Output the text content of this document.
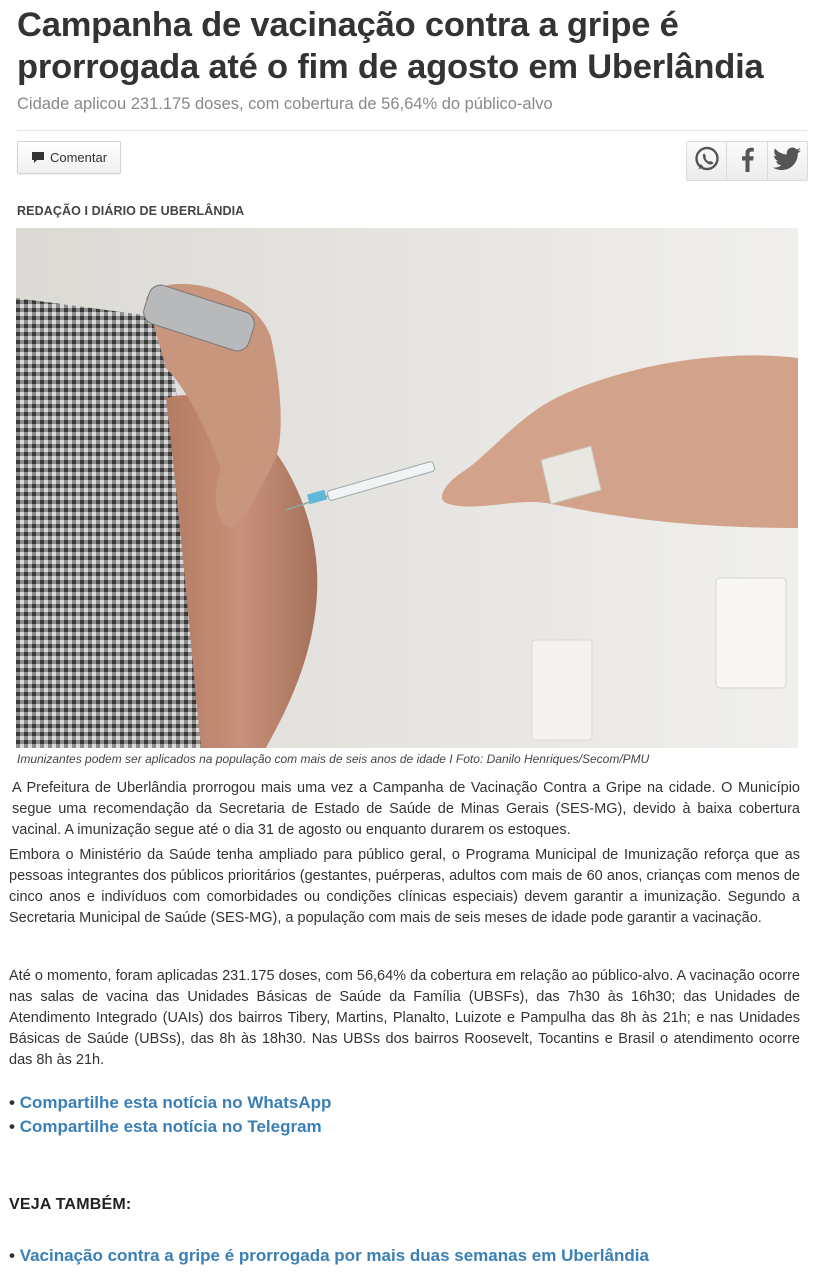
Campanha de vacinação contra a gripe é prorrogada até o fim de agosto em Uberlândia

Cidade aplicou 231.175 doses, com cobertura de 56,64% do público-alvo

Comentar

REDAÇÃO I DIÁRIO DE UBERLÂNDIA

Imunizantes podem ser aplicados na população com mais de seis anos de idade I Foto: Danilo Henriques/Secom/PMU

A Prefeitura de Uberlândia prorrogou mais uma vez a Campanha de Vacinação Contra a Gripe na cidade. O Município segue uma recomendação da Secretaria de Estado de Saúde de Minas Gerais (SES-MG), devido à baixa cobertura vacinal. A imunização segue até o dia 31 de agosto ou enquanto durarem os estoques.

Embora o Ministério da Saúde tenha ampliado para público geral, o Programa Municipal de Imunização reforça que as pessoas integrantes dos públicos prioritários (gestantes, puérperas, adultos com mais de 60 anos, crianças com menos de cinco anos e indivíduos com comorbidades ou condições clínicas especiais) devem garantir a imunização. Segundo a Secretaria Municipal de Saúde (SES-MG), a população com mais de seis meses de idade pode garantir a vacinação.

Até o momento, foram aplicadas 231.175 doses, com 56,64% da cobertura em relação ao público-alvo. A vacinação ocorre nas salas de vacina das Unidades Básicas de Saúde da Família (UBSFs), das 7h30 às 16h30; das Unidades de Atendimento Integrado (UAIs) dos bairros Tibery, Martins, Planalto, Luizote e Pampulha das 8h às 21h; e nas Unidades Básicas de Saúde (UBSs), das 8h às 18h30. Nas UBSs dos bairros Roosevelt, Tocantins e Brasil o atendimento ocorre das 8h às 21h.

• Compartilhe esta notícia no WhatsApp
• Compartilhe esta notícia no Telegram

VEJA TAMBÉM:

• Vacinação contra a gripe é prorrogada por mais duas semanas em Uberlândia
